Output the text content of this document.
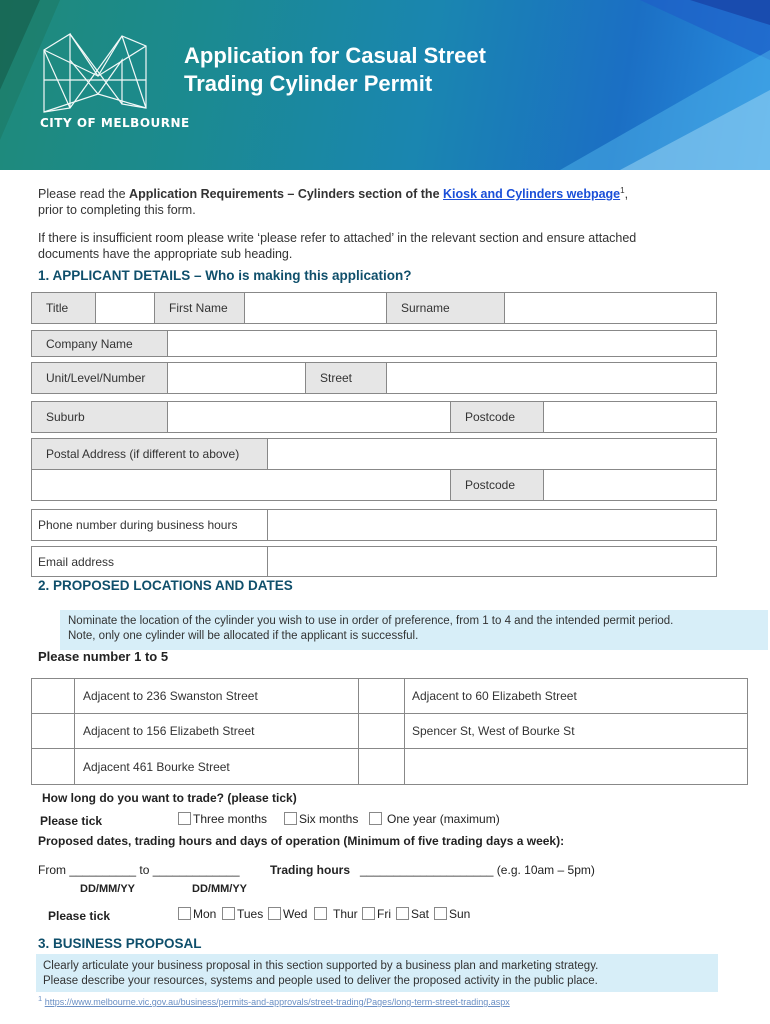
CITY OF MELBOURNE
Application for Casual Street
Trading Cylinder Permit
Please read the Application Requirements – Cylinders section of the Kiosk and Cylinders webpage$^1$,
prior to completing this form.
If there is insufficient room please write ‘please refer to attached’ in the relevant section and ensure attached
documents have the appropriate sub heading.
1. APPLICANT DETAILS – Who is making this application?
Title	First Name	Surname
Company Name
Unit/Level/Number	Street
Suburb	Postcode
Postal Address (if different to above)
Postcode
Phone number during business hours
Email address
2. PROPOSED LOCATIONS AND DATES
Nominate the location of the cylinder you wish to use in order of preference, from 1 to 4 and the intended permit period.
Note, only one cylinder will be allocated if the applicant is successful.
Please number 1 to 5
Adjacent to 236 Swanston Street	Adjacent to 60 Elizabeth Street
Adjacent to 156 Elizabeth Street	Spencer St, West of Bourke St
Adjacent 461 Bourke Street
How long do you want to trade? (please tick)
Please tick	Three months	Six months	One year (maximum)
Proposed dates, trading hours and days of operation (Minimum of five trading days a week):
From __________ to _____________	Trading hours ____________________ (e.g. 10am – 5pm)
DD/MM/YY	DD/MM/YY
Please tick	Mon	Tues	Wed	Thur	Fri	Sat	Sun
3. BUSINESS PROPOSAL
Clearly articulate your business proposal in this section supported by a business plan and marketing strategy.
Please describe your resources, systems and people used to deliver the proposed activity in the public place.
$^1$ https://www.melbourne.vic.gov.au/business/permits-and-approvals/street-trading/Pages/long-term-street-trading.aspx
